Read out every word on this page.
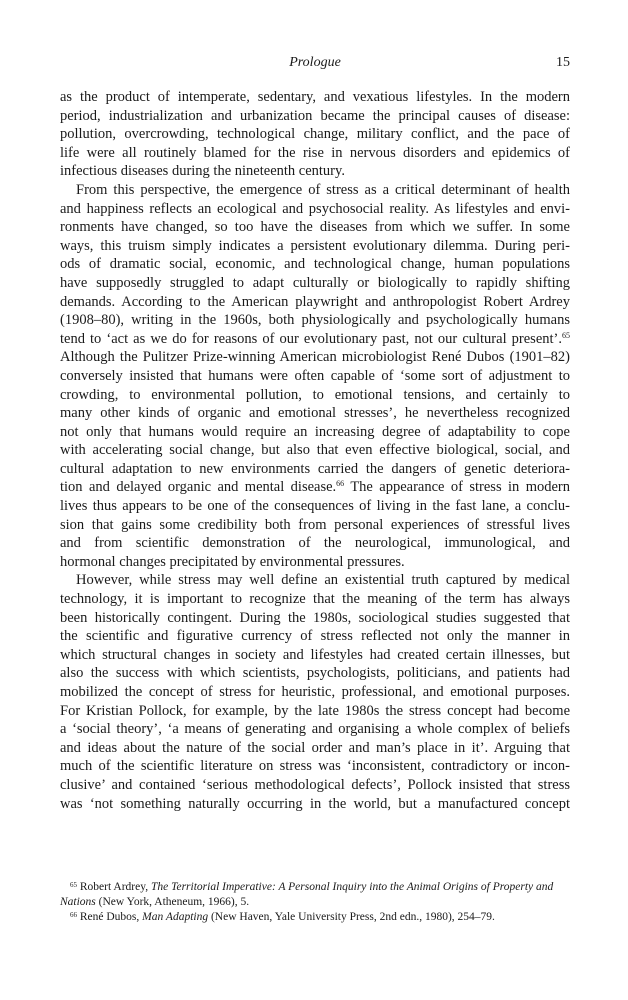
Prologue	15
as the product of intemperate, sedentary, and vexatious lifestyles. In the modern
period, industrialization and urbanization became the principal causes of disease:
pollution, overcrowding, technological change, military conflict, and the pace of
life were all routinely blamed for the rise in nervous disorders and epidemics of
infectious diseases during the nineteenth century.
From this perspective, the emergence of stress as a critical determinant of health
and happiness reflects an ecological and psychosocial reality. As lifestyles and envi-
ronments have changed, so too have the diseases from which we suffer. In some
ways, this truism simply indicates a persistent evolutionary dilemma. During peri-
ods of dramatic social, economic, and technological change, human populations
have supposedly struggled to adapt culturally or biologically to rapidly shifting
demands. According to the American playwright and anthropologist Robert Ardrey
(1908–80), writing in the 1960s, both physiologically and psychologically humans
tend to ‘act as we do for reasons of our evolutionary past, not our cultural present’.$^{65}$
Although the Pulitzer Prize-winning American microbiologist René Dubos (1901–82)
conversely insisted that humans were often capable of ‘some sort of adjustment to
crowding, to environmental pollution, to emotional tensions, and certainly to
many other kinds of organic and emotional stresses’, he nevertheless recognized
not only that humans would require an increasing degree of adaptability to cope
with accelerating social change, but also that even effective biological, social, and
cultural adaptation to new environments carried the dangers of genetic deteriora-
tion and delayed organic and mental disease.$^{66}$ The appearance of stress in modern
lives thus appears to be one of the consequences of living in the fast lane, a conclu-
sion that gains some credibility both from personal experiences of stressful lives
and from scientific demonstration of the neurological, immunological, and
hormonal changes precipitated by environmental pressures.
However, while stress may well define an existential truth captured by medical
technology, it is important to recognize that the meaning of the term has always
been historically contingent. During the 1980s, sociological studies suggested that
the scientific and figurative currency of stress reflected not only the manner in
which structural changes in society and lifestyles had created certain illnesses, but
also the success with which scientists, psychologists, politicians, and patients had
mobilized the concept of stress for heuristic, professional, and emotional purposes.
For Kristian Pollock, for example, by the late 1980s the stress concept had become
a ‘social theory’, ‘a means of generating and organising a whole complex of beliefs
and ideas about the nature of the social order and man’s place in it’. Arguing that
much of the scientific literature on stress was ‘inconsistent, contradictory or incon-
clusive’ and contained ‘serious methodological defects’, Pollock insisted that stress
was ‘not something naturally occurring in the world, but a manufactured concept

$^{65}$ Robert Ardrey, The Territorial Imperative: A Personal Inquiry into the Animal Origins of Property and Nations (New York, Atheneum, 1966), 5.

$^{66}$ René Dubos, Man Adapting (New Haven, Yale University Press, 2nd edn., 1980), 254–79.
